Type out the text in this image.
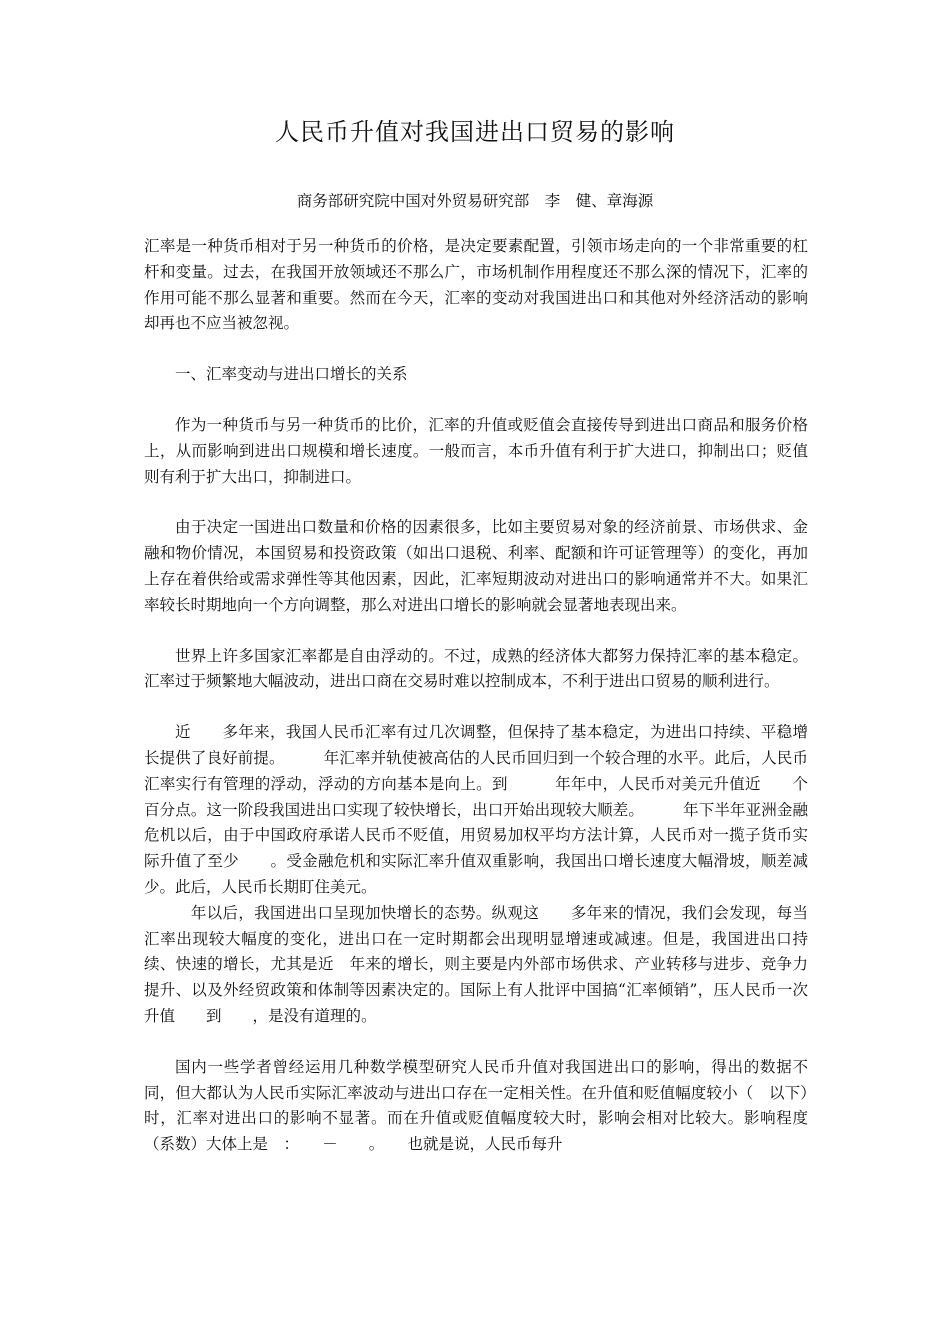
人民币升值对我国进出口贸易的影响
商务部研究院中国对外贸易研究部　李　健、章海源

汇率是一种货币相对于另一种货币的价格，是决定要素配置，引领市场走向的一个非常重要的杠杆和变量。过去，在我国开放领域还不那么广，市场机制作用程度还不那么深的情况下，汇率的作用可能不那么显著和重要。然而在今天，汇率的变动对我国进出口和其他对外经济活动的影响却再也不应当被忽视。

一、汇率变动与进出口增长的关系

作为一种货币与另一种货币的比价，汇率的升值或贬值会直接传导到进出口商品和服务价格上，从而影响到进出口规模和增长速度。一般而言，本币升值有利于扩大进口，抑制出口；贬值则有利于扩大出口，抑制进口。

由于决定一国进出口数量和价格的因素很多，比如主要贸易对象的经济前景、市场供求、金融和物价情况，本国贸易和投资政策（如出口退税、利率、配额和许可证管理等）的变化，再加上存在着供给或需求弹性等其他因素，因此，汇率短期波动对进出口的影响通常并不大。如果汇率较长时期地向一个方向调整，那么对进出口增长的影响就会显著地表现出来。

世界上许多国家汇率都是自由浮动的。不过，成熟的经济体大都努力保持汇率的基本稳定。汇率过于频繁地大幅波动，进出口商在交易时难以控制成本，不利于进出口贸易的顺利进行。

近　　多年来，我国人民币汇率有过几次调整，但保持了基本稳定，为进出口持续、平稳增长提供了良好前提。　　　年汇率并轨使被高估的人民币回归到一个较合理的水平。此后，人民币汇率实行有管理的浮动，浮动的方向基本是向上。到　　　年年中，人民币对美元升值近　　个百分点。这一阶段我国进出口实现了较快增长，出口开始出现较大顺差。　　　年下半年亚洲金融危机以后，由于中国政府承诺人民币不贬值，用贸易加权平均方法计算，人民币对一揽子货币实际升值了至少　　。受金融危机和实际汇率升值双重影响，我国出口增长速度大幅滑坡，顺差减少。此后，人民币长期盯住美元。

　年以后，我国进出口呈现加快增长的态势。纵观这　　多年来的情况，我们会发现，每当汇率出现较大幅度的变化，进出口在一定时期都会出现明显增速或减速。但是，我国进出口持续、快速的增长，尤其是近　年来的增长，则主要是内外部市场供求、产业转移与进步、竞争力提升、以及外经贸政策和体制等因素决定的。国际上有人批评中国搞“汇率倾销”，压人民币一次升值　　到　　，是没有道理的。

国内一些学者曾经运用几种数学模型研究人民币升值对我国进出口的影响，得出的数据不同，但大都认为人民币实际汇率波动与进出口存在一定相关性。在升值和贬值幅度较小（　以下）时，汇率对进出口的影响不显著。而在升值或贬值幅度较大时，影响会相对比较大。影响程度（系数）大体上是　：　　－　　。　　也就是说，人民币每升
